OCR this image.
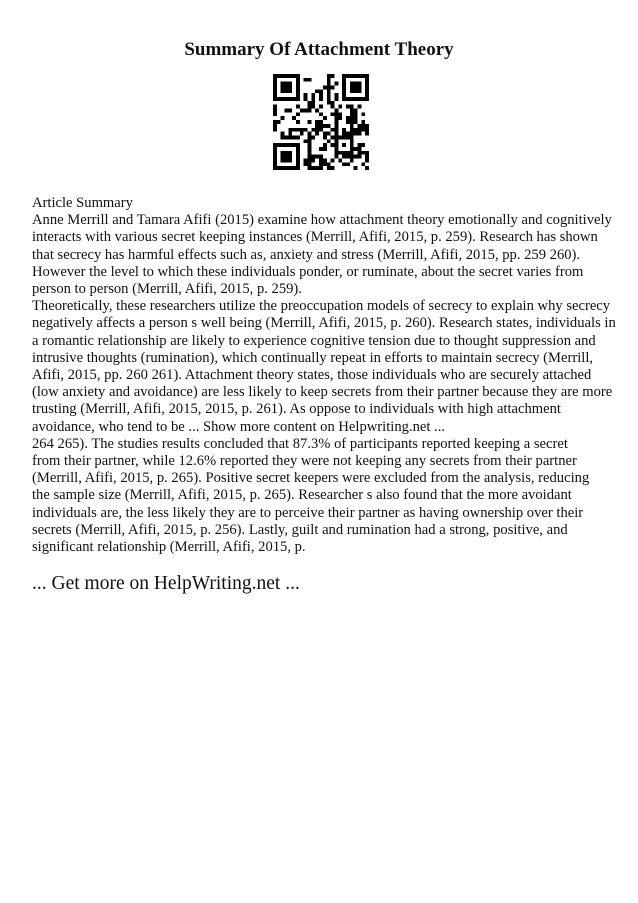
Summary Of Attachment Theory
Article Summary
Anne Merrill and Tamara Afifi (2015) examine how attachment theory emotionally and cognitively
interacts with various secret keeping instances (Merrill, Afifi, 2015, p. 259). Research has shown
that secrecy has harmful effects such as, anxiety and stress (Merrill, Afifi, 2015, pp. 259 260).
However the level to which these individuals ponder, or ruminate, about the secret varies from
person to person (Merrill, Afifi, 2015, p. 259).
Theoretically, these researchers utilize the preoccupation models of secrecy to explain why secrecy
negatively affects a person s well being (Merrill, Afifi, 2015, p. 260). Research states, individuals in
a romantic relationship are likely to experience cognitive tension due to thought suppression and
intrusive thoughts (rumination), which continually repeat in efforts to maintain secrecy (Merrill,
Afifi, 2015, pp. 260 261). Attachment theory states, those individuals who are securely attached
(low anxiety and avoidance) are less likely to keep secrets from their partner because they are more
trusting (Merrill, Afifi, 2015, 2015, p. 261). As oppose to individuals with high attachment
avoidance, who tend to be ... Show more content on Helpwriting.net ...
264 265). The studies results concluded that 87.3% of participants reported keeping a secret
from their partner, while 12.6% reported they were not keeping any secrets from their partner
(Merrill, Afifi, 2015, p. 265). Positive secret keepers were excluded from the analysis, reducing
the sample size (Merrill, Afifi, 2015, p. 265). Researcher s also found that the more avoidant
individuals are, the less likely they are to perceive their partner as having ownership over their
secrets (Merrill, Afifi, 2015, p. 256). Lastly, guilt and rumination had a strong, positive, and
significant relationship (Merrill, Afifi, 2015, p.
... Get more on HelpWriting.net ...
